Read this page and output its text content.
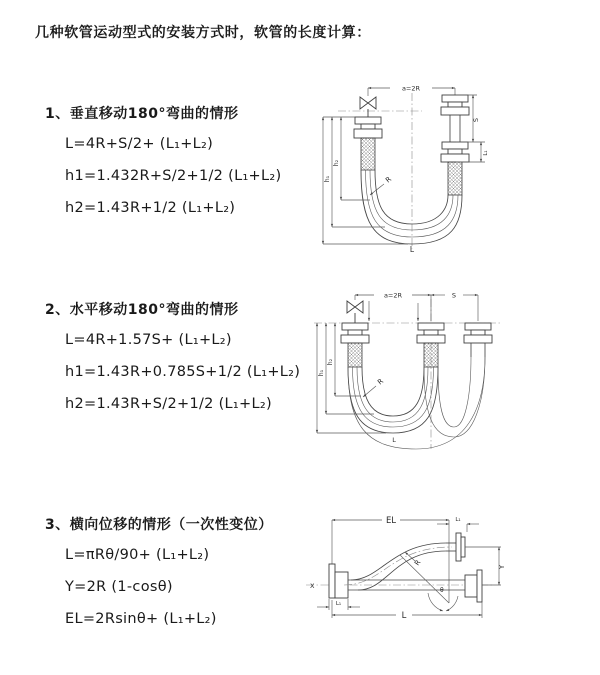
几种软管运动型式的安装方式时，软管的长度计算：
1、垂直移动180°弯曲的情形

L=4R+S/2+ (L₁+L₂)

h1=1.432R+S/2+1/2 (L₁+L₂)

h2=1.43R+1/2 (L₁+L₂)

2、水平移动180°弯曲的情形

L=4R+1.57S+ (L₁+L₂)

h1=1.43R+0.785S+1/2 (L₁+L₂)

h2=1.43R+S/2+1/2 (L₁+L₂)

3、横向位移的情形（一次性变位）

L=πRθ/90+ (L₁+L₂)

Y=2R (1-cosθ)

EL=2Rsinθ+ (L₁+L₂)

a=2R
h₁
h₂
S
L₁
R
L
a=2R	S
h₁
h₂
R
L
EL	L₁
θ
R	Y
L₁
L
X
